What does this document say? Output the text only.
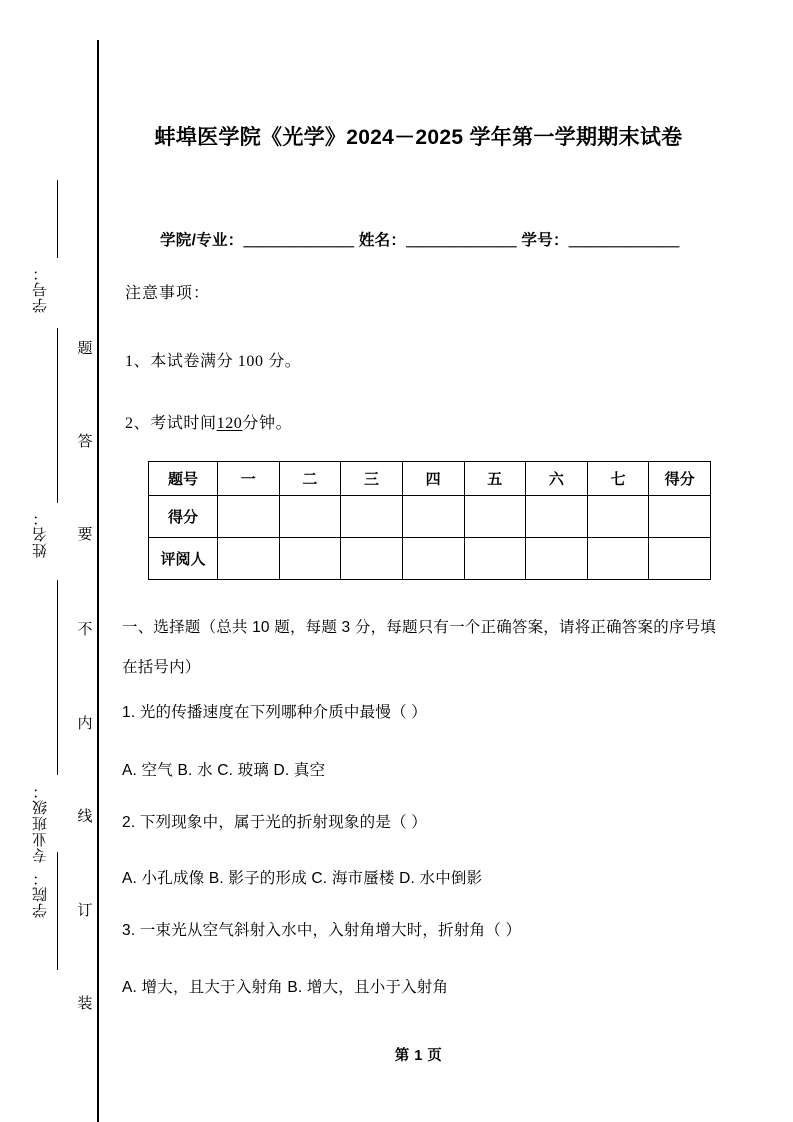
学号：
姓名：
专业班级：
学院：
题
答
要
不
内
线
订
装
蚌埠医学院《光学》2024－2025 学年第一学期期末试卷
学院/专业：＿＿＿＿＿＿＿ 姓名：＿＿＿＿＿＿＿ 学号：＿＿＿＿＿＿＿
注意事项：
1、本试卷满分 100 分。
2、考试时间120分钟。
题号	一	二	三	四	五	六	七	得分
得分								
评阅人								
一、选择题（总共 10 题，每题 3 分，每题只有一个正确答案，请将正确答案的序号填在括号内）
1. 光的传播速度在下列哪种介质中最慢（ ）
A. 空气 B. 水 C. 玻璃 D. 真空
2. 下列现象中，属于光的折射现象的是（ ）
A. 小孔成像 B. 影子的形成 C. 海市蜃楼 D. 水中倒影
3. 一束光从空气斜射入水中，入射角增大时，折射角（ ）
A. 增大，且大于入射角 B. 增大，且小于入射角
第 1 页
